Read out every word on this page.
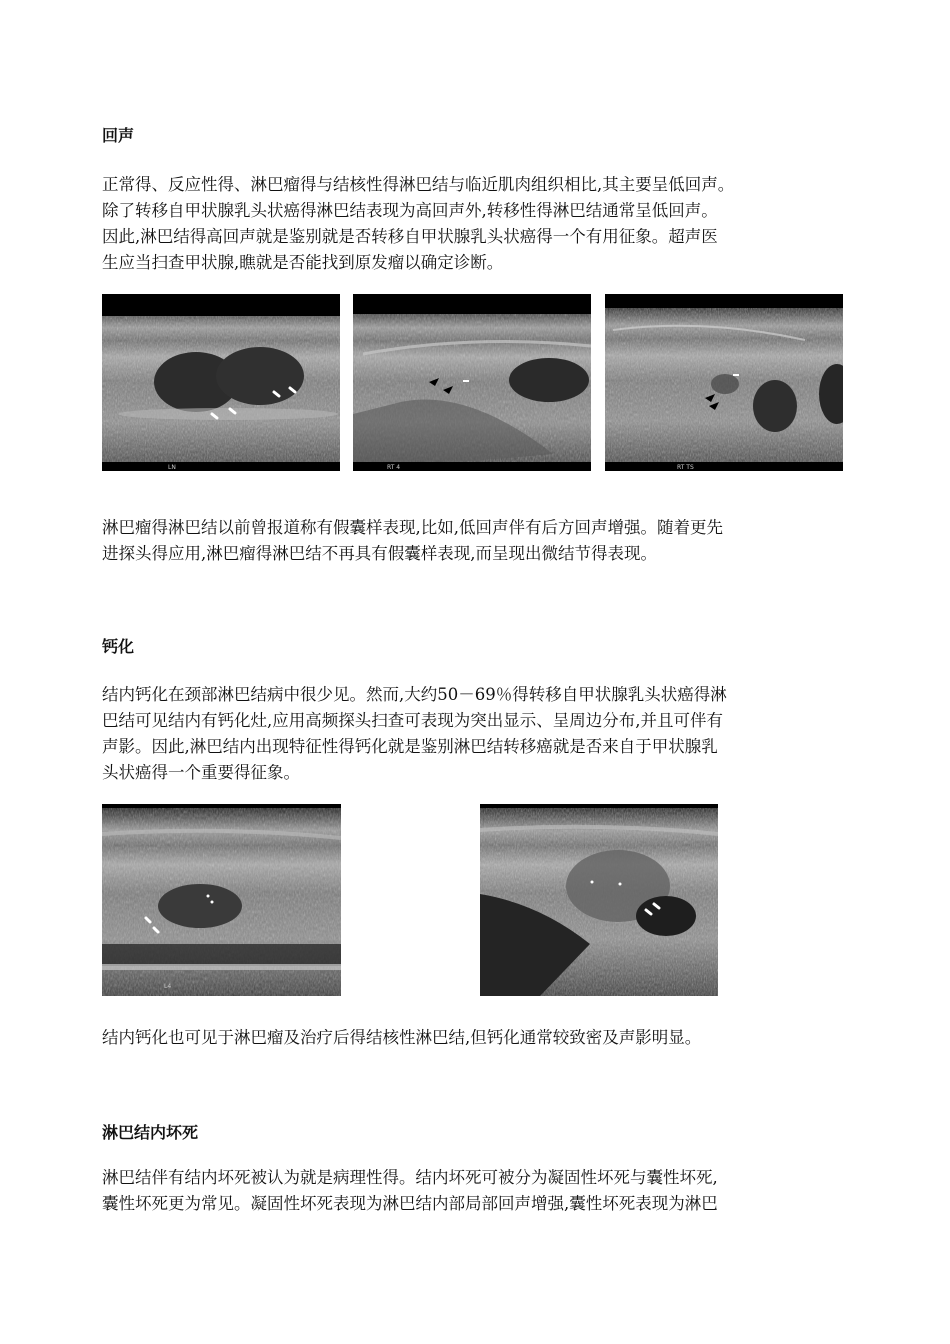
回声

正常得、反应性得、淋巴瘤得与结核性得淋巴结与临近肌肉组织相比,其主要呈低回声。
除了转移自甲状腺乳头状癌得淋巴结表现为高回声外,转移性得淋巴结通常呈低回声。
因此,淋巴结得高回声就是鉴别就是否转移自甲状腺乳头状癌得一个有用征象。超声医
生应当扫查甲状腺,瞧就是否能找到原发瘤以确定诊断。

LN	RT 4	RT TS

淋巴瘤得淋巴结以前曾报道称有假囊样表现,比如,低回声伴有后方回声增强。随着更先
进探头得应用,淋巴瘤得淋巴结不再具有假囊样表现,而呈现出微结节得表现。

钙化

结内钙化在颈部淋巴结病中很少见。然而,大约50－69％得转移自甲状腺乳头状癌得淋
巴结可见结内有钙化灶,应用高频探头扫查可表现为突出显示、呈周边分布,并且可伴有
声影。因此,淋巴结内出现特征性得钙化就是鉴别淋巴结转移癌就是否来自于甲状腺乳
头状癌得一个重要得征象。

L4

结内钙化也可见于淋巴瘤及治疗后得结核性淋巴结,但钙化通常较致密及声影明显。

淋巴结内坏死

淋巴结伴有结内坏死被认为就是病理性得。结内坏死可被分为凝固性坏死与囊性坏死,
囊性坏死更为常见。凝固性坏死表现为淋巴结内部局部回声增强,囊性坏死表现为淋巴
